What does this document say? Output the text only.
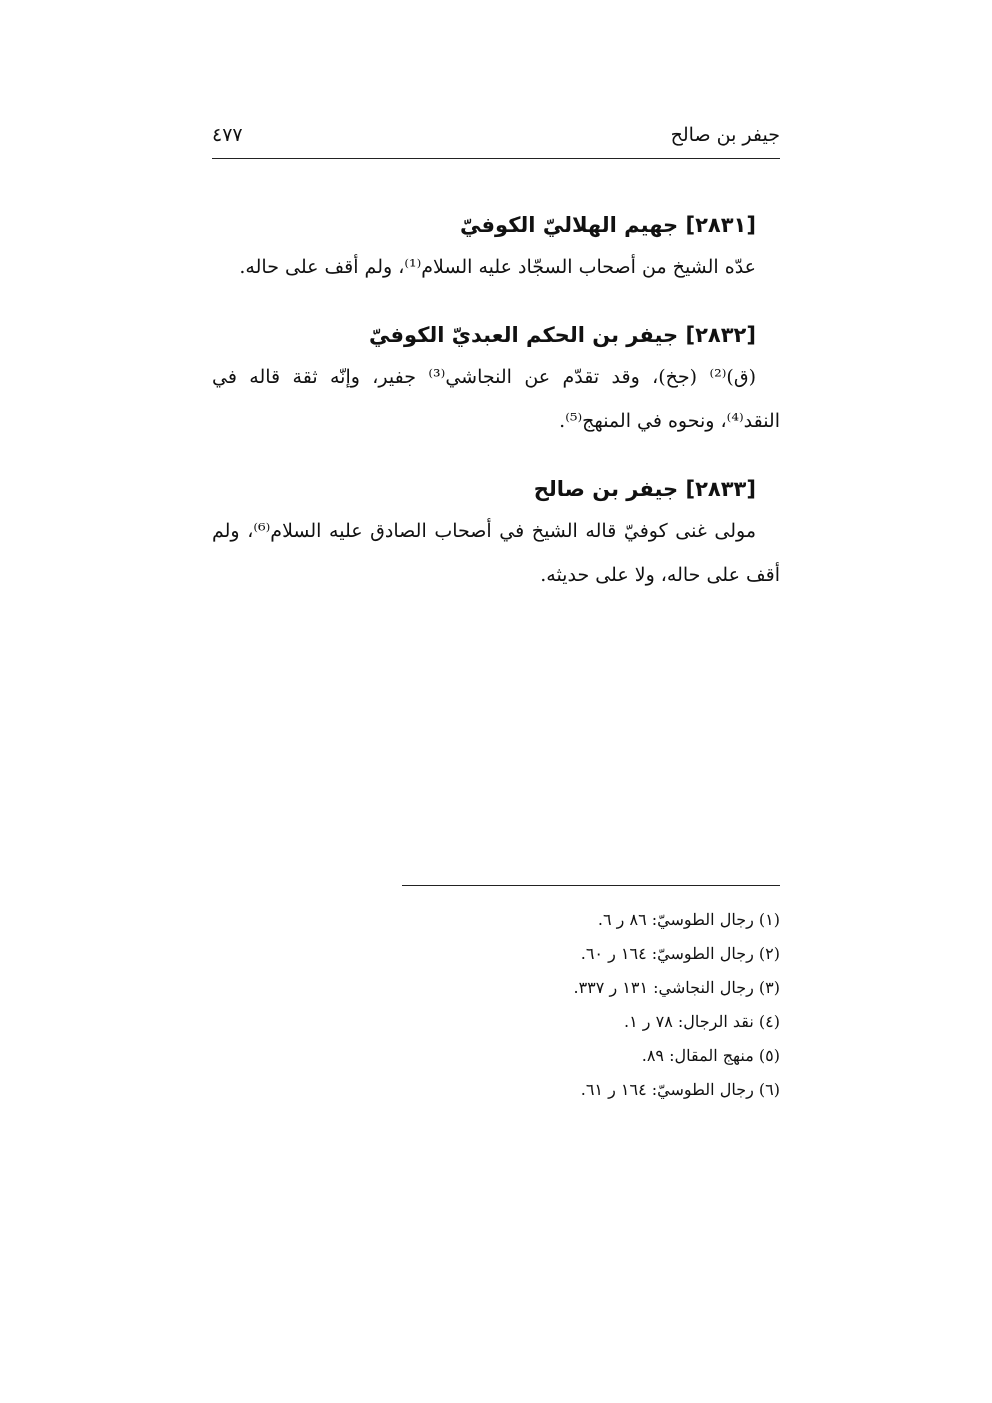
جيفر بن صالح
٤٧٧
[٢٨٣١] جهيم الهلاليّ الكوفيّ
عدّه الشيخ من أصحاب السجّاد عليه السلام⁽¹⁾، ولم أقف على حاله.
[٢٨٣٢] جيفر بن الحكم العبديّ الكوفيّ
(ق)⁽²⁾ (جخ)، وقد تقدّم عن النجاشي⁽³⁾ جفير، وإنّه ثقة قاله في النقد⁽⁴⁾، ونحوه في المنهج⁽⁵⁾.
[٢٨٣٣] جيفر بن صالح
مولى غنى كوفيّ قاله الشيخ في أصحاب الصادق عليه السلام⁽⁶⁾، ولم أقف على حاله، ولا على حديثه.
(١) رجال الطوسيّ: ٨٦ ر ٦.
(٢) رجال الطوسيّ: ١٦٤ ر ٦٠.
(٣) رجال النجاشي: ١٣١ ر ٣٣٧.
(٤) نقد الرجال: ٧٨ ر ١.
(٥) منهج المقال: ٨٩.
(٦) رجال الطوسيّ: ١٦٤ ر ٦١.
